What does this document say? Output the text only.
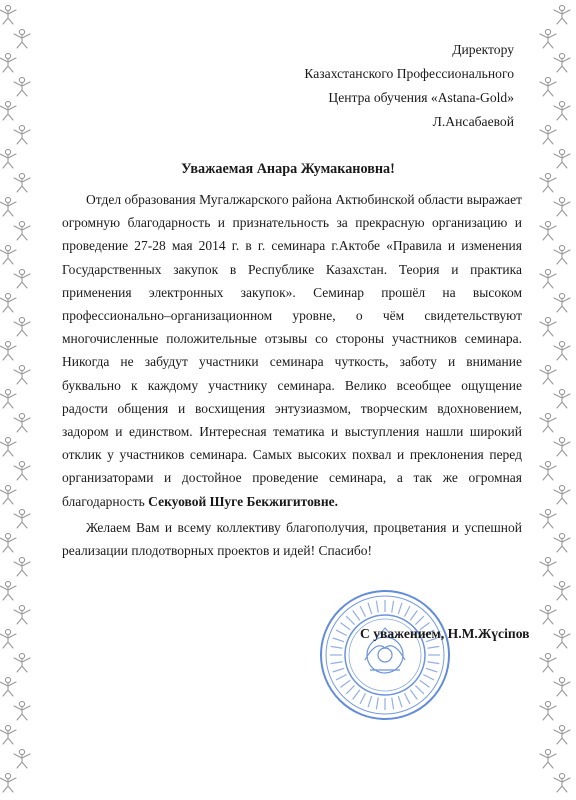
Директору
Казахстанского Профессионального
Центра обучения «Astana-Gold»
Л.Ансабаевой
Уважаемая Анара Жумакановна!

Отдел образования Мугалжарского района Актюбинской области выражает огромную благодарность и признательность за прекрасную организацию и проведение 27-28 мая 2014 г. в г. семинара г.Актобе «Правила и изменения Государственных закупок в Республике Казахстан. Теория и практика применения электронных закупок». Семинар прошёл на высоком профессионально–организационном уровне, о чём свидетельствуют многочисленные положительные отзывы со стороны участников семинара. Никогда не забудут участники семинара чуткость, заботу и внимание буквально к каждому участнику семинара. Велико всеобщее ощущение радости общения и восхищения энтузиазмом, творческим вдохновением, задором и единством. Интересная тематика и выступления нашли широкий отклик у участников семинара. Самых высоких похвал и преклонения перед организаторами и достойное проведение семинара, а так же огромная благодарность Секуовой Шуге Бекжигитовне.

Желаем Вам и всему коллективу благополучия, процветания и успешной реализации плодотворных проектов и идей! Спасибо!

С уважением, Н.М.Жүсіпов
